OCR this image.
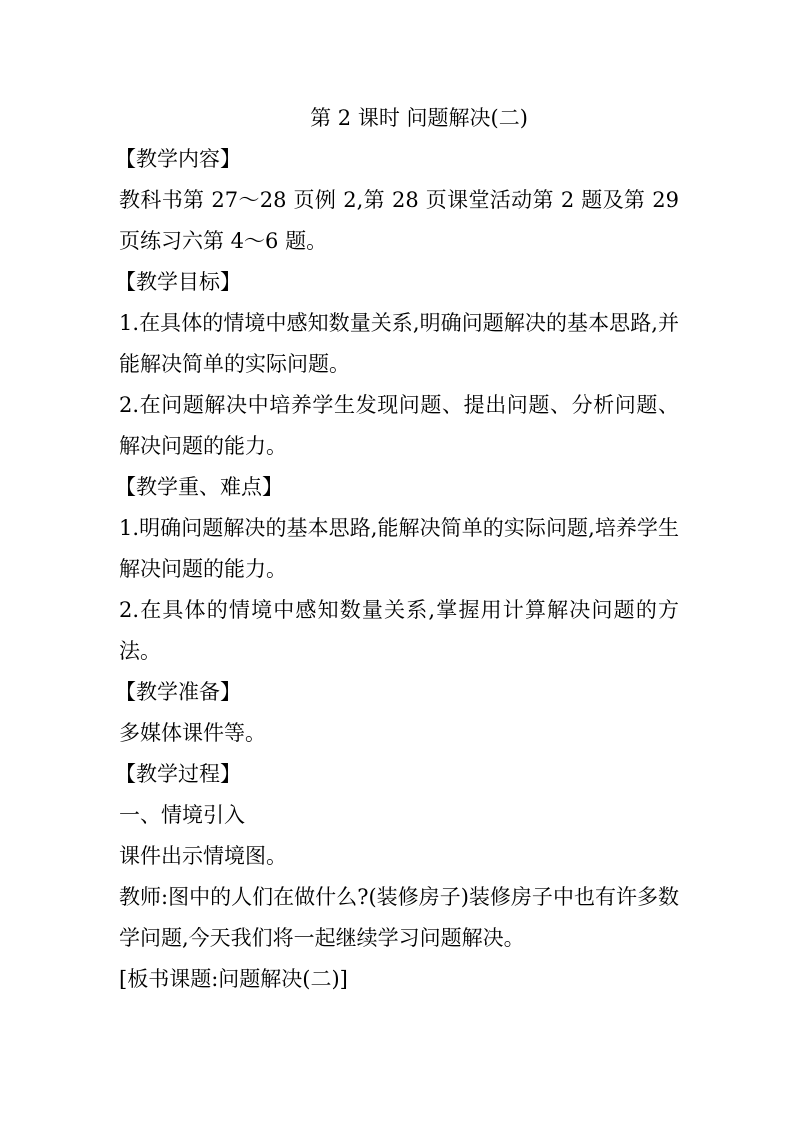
第 2 课时 问题解决(二)

【教学内容】

教科书第 27～28 页例 2,第 28 页课堂活动第 2 题及第 29 页练习六第 4～6 题。

【教学目标】

1.在具体的情境中感知数量关系,明确问题解决的基本思路,并能解决简单的实际问题。

2.在问题解决中培养学生发现问题、提出问题、分析问题、解决问题的能力。

【教学重、难点】

1.明确问题解决的基本思路,能解决简单的实际问题,培养学生解决问题的能力。

2.在具体的情境中感知数量关系,掌握用计算解决问题的方法。

【教学准备】

多媒体课件等。

【教学过程】

一、情境引入

课件出示情境图。

教师:图中的人们在做什么?(装修房子)装修房子中也有许多数学问题,今天我们将一起继续学习问题解决。

[板书课题:问题解决(二)]
